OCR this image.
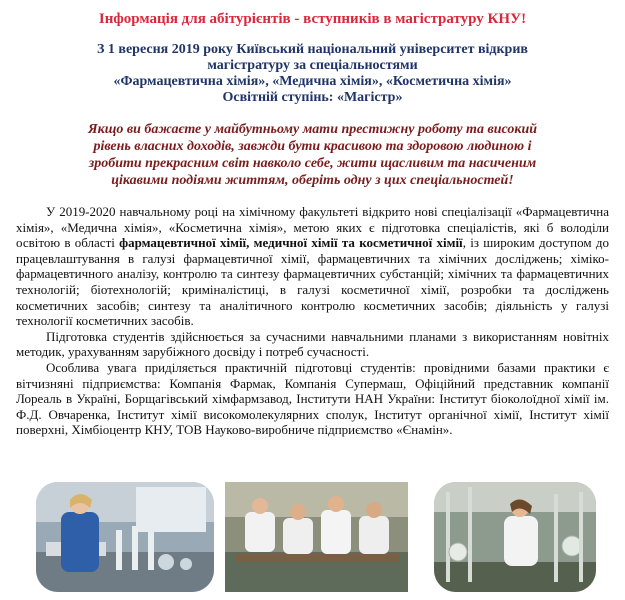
Інформація для абітурієнтів - вступників в магістратуру КНУ!
З 1 вересня 2019 року Київський національний університет відкрив
магістратуру за спеціальностями
«Фармацевтична хімія», «Медична хімія», «Косметична хімія»
Освітній ступінь: «Магістр»
Якщо ви бажаєте у майбутньому мати престижну роботу та високий
рівень власних доходів, завжди бути красивою та здоровою людиною і
зробити прекрасним світ навколо себе, жити щасливим та насиченим
цікавими подіями життям, оберіть одну з цих спеціальностей!

У 2019-2020 навчальному році на хімічному факультеті відкрито нові спеціалізації «Фармацевтична хімія», «Медична хімія», «Косметична хімія», метою яких є підготовка спеціалістів, які б володіли освітою в області фармацевтичної хімії, медичної хімії та косметичної хімії, із широким доступом до працевлаштування в галузі фармацевтичної хімії, фармацевтичних та хімічних досліджень; хіміко-фармацевтичного аналізу, контролю та синтезу фармацевтичних субстанцій; хімічних та фармацевтичних технологій; біотехнологій; криміналістиці, в галузі косметичної хімії, розробки та досліджень косметичних засобів; синтезу та аналітичного контролю косметичних засобів; діяльність у галузі технології косметичних засобів.

Підготовка студентів здійснюється за сучасними навчальними планами з використанням новітніх методик, урахуванням зарубіжного досвіду і потреб сучасності.

Особлива увага приділяється практичній підготовці студентів: провідними базами практики є вітчизняні підприємства: Компанія Фармак, Компанія Супермаш, Офіційний представник компанії Лореаль в Україні, Борщагівський хімфармзавод, Інститути НАН України: Інститут біоколоїдної хімії ім. Ф.Д. Овчаренка, Інститут хімії високомолекулярних сполук, Інститут органічної хімії, Інститут хімії поверхні, Хімбіоцентр КНУ, ТОВ Науково-виробниче підприємство «Єнамін».
